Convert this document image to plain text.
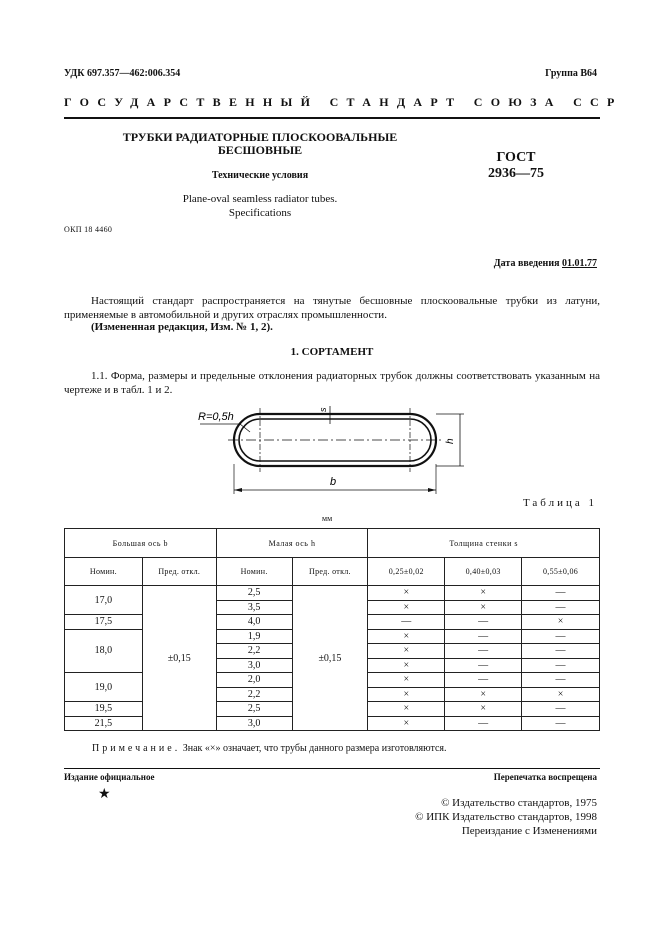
УДК 697.357—462:006.354	Группа В64
ГОСУДАРСТВЕННЫЙ СТАНДАРТ СОЮЗА ССР
ТРУБКИ РАДИАТОРНЫЕ ПЛОСКООВАЛЬНЫЕ
БЕСШОВНЫЕ
Технические условия
Plane-oval seamless radiator tubes.
Specifications
ГОСТ
2936—75
ОКП 18 4460
Дата введения 01.01.77
Настоящий стандарт распространяется на тянутые бесшовные плоскоовальные трубки из латуни, применяемые в автомобильной и других отраслях промышленности.
(Измененная редакция, Изм. № 1, 2).
1. СОРТАМЕНТ
1.1. Форма, размеры и предельные отклонения радиаторных трубок должны соответствовать указанным на чертеже и в табл. 1 и 2.
R=0,5h
s
h
b
Таблица 1
мм
Большая ось b		Малая ось h		Толщина стенки s		
Номин.	Пред. откл.	Номин.	Пред. откл.	0,25±0,02	0,40±0,03	0,55±0,06
17,0	±0,15	2,5	±0,15	×	×	—
		3,5		×	×	—
17,5		4,0		—	—	×
18,0		1,9		×	—	—
		2,2		×	—	—
		3,0		×	—	—
19,0		2,0		×	—	—
		2,2		×	×	×
19,5		2,5		×	×	—
21,5		3,0		×	—	—
Примечание. Знак «×» означает, что трубы данного размера изготовляются.
Издание официальное	Перепечатка воспрещена
★
© Издательство стандартов, 1975
© ИПК Издательство стандартов, 1998
Переиздание с Изменениями
